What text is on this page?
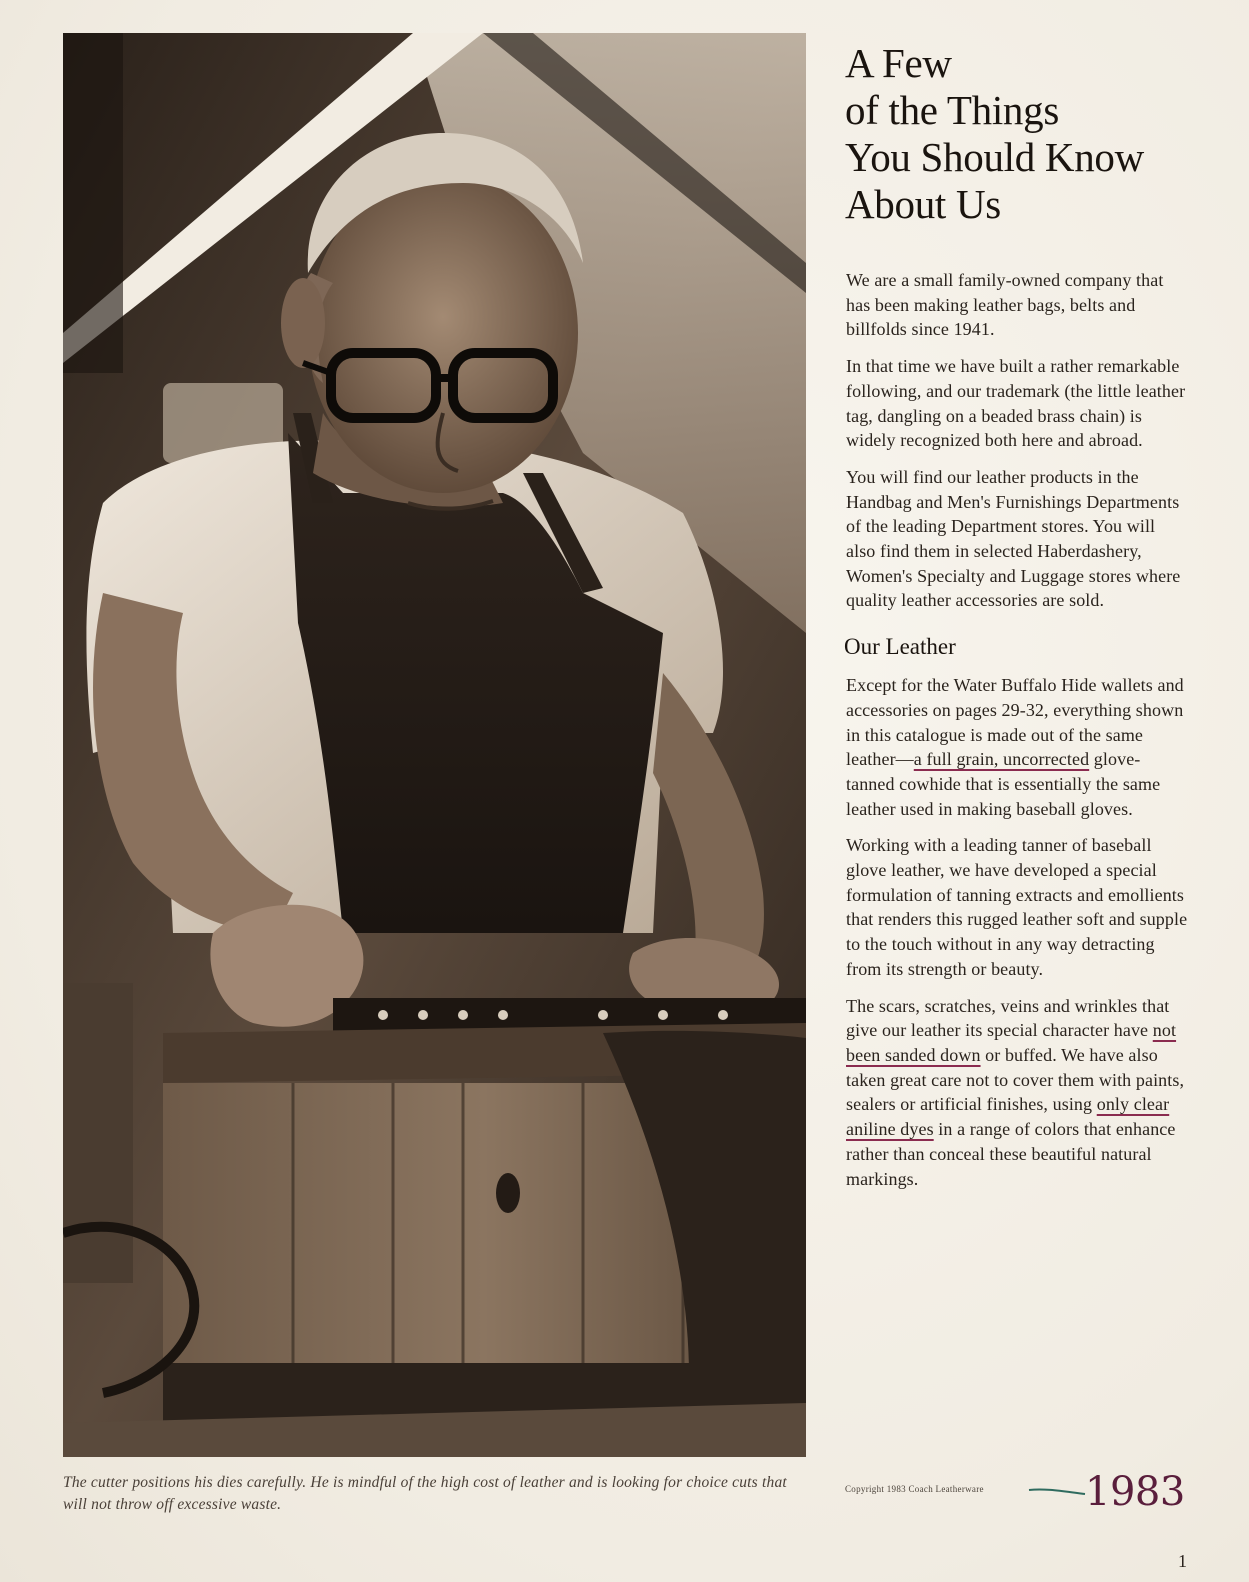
The cutter positions his dies carefully. He is mindful of the high cost of leather and is looking for choice cuts that will not throw off excessive waste.
A Few
of the Things
You Should Know
About Us

We are a small family-owned company that has been making leather bags, belts and billfolds since 1941.

In that time we have built a rather remarkable following, and our trademark (the little leather tag, dangling on a beaded brass chain) is widely recognized both here and abroad.

You will find our leather products in the Handbag and Men's Furnishings Departments of the leading Department stores. You will also find them in selected Haberdashery, Women's Specialty and Luggage stores where quality leather accessories are sold.

Our Leather

Except for the Water Buffalo Hide wallets and accessories on pages 29-32, everything shown in this catalogue is made out of the same leather—a full grain, uncorrected glove-tanned cowhide that is essentially the same leather used in making baseball gloves.

Working with a leading tanner of baseball glove leather, we have developed a special formulation of tanning extracts and emollients that renders this rugged leather soft and supple to the touch without in any way detracting from its strength or beauty.

The scars, scratches, veins and wrinkles that give our leather its special character have not been sanded down or buffed. We have also taken great care not to cover them with paints, sealers or artificial finishes, using only clear aniline dyes in a range of colors that enhance rather than conceal these beautiful natural markings.

Copyright 1983 Coach Leatherware	1983
1
